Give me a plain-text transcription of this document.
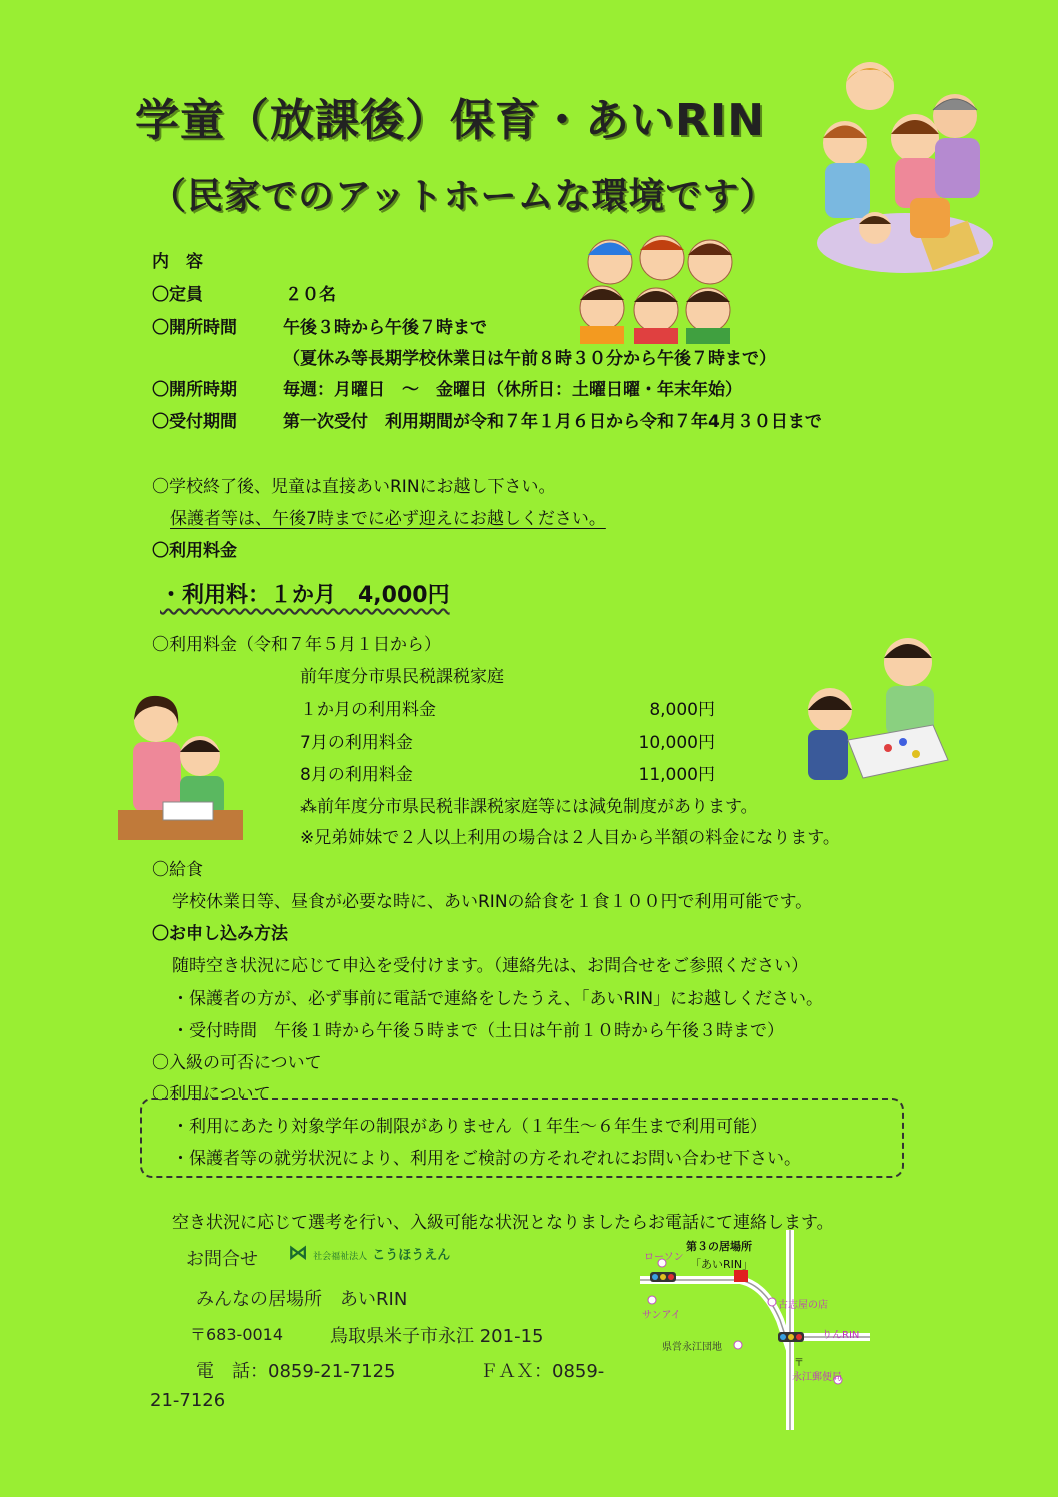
学童（放課後）保育・あいRIN
（民家でのアットホームな環境です）
内　容
〇定員	２０名
〇開所時間	午後３時から午後７時まで
（夏休み等長期学校休業日は午前８時３０分から午後７時まで）
〇開所時期	毎週：月曜日　～　金曜日（休所日：土曜日曜・年末年始）
〇受付期間	第一次受付　利用期間が令和７年１月６日から令和７年4月３０日まで
〇学校終了後、児童は直接あいRINにお越し下さい。
保護者等は、午後7時までに必ず迎えにお越しください。
〇利用料金
・利用料：１か月　4,000円
〇利用料金（令和７年５月１日から）
前年度分市県民税課税家庭
１か月の利用料金	8,000円
7月の利用料金	10,000円
8月の利用料金	11,000円
⁂前年度分市県民税非課税家庭等には減免制度があります。
※兄弟姉妹で２人以上利用の場合は２人目から半額の料金になります。
〇給食
学校休業日等、昼食が必要な時に、あいRINの給食を１食１００円で利用可能です。
〇お申し込み方法
随時空き状況に応じて申込を受付けます。（連絡先は、お問合せをご参照ください）
・保護者の方が、必ず事前に電話で連絡をしたうえ、「あいRIN」にお越しください。
・受付時間　午後１時から午後５時まで（土日は午前１０時から午後３時まで）
〇入級の可否について
〇利用について
・利用にあたり対象学年の制限がありません（１年生～６年生まで利用可能）
・保護者等の就労状況により、利用をご検討の方それぞれにお問い合わせ下さい。
空き状況に応じて選考を行い、入級可能な状況となりましたらお電話にて連絡します。
お問合せ ⋈ 社会福祉法人 こうほうえん
みんなの居場所　あいRIN
〒683-0014	鳥取県米子市永江 201-15
電　話：0859-21-7125	ＦＡＸ：0859-
21-7126
第３の居場所
「あいRIN」
ローソン
サンアイ
古志屋の店
県営永江団地
りんRIN
〒
永江郵便局
